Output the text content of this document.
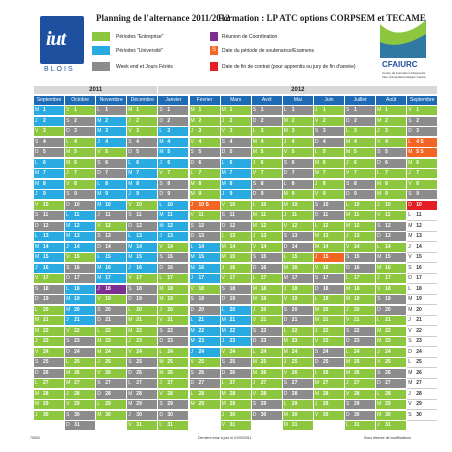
iut
BLOIS
CFAIURC
Centre de Formation d'Apprentis Inter Universitaire Région Centre
Planning de l'alternance 2011/2012
Formation : LP ATC options CORPSEM et TECAME
Périodes "Entreprise"
Périodes "Université"
Week end et Jours Fériés
Réunion de Coordination
S	Date du période de soutenance/Examens
Date de fin de contrat (pour apprentis ou jury de fin d'année)
2011	2012
Septembre
M 1
J 2
V 3
S 4
D 5
L 6
M 7
M 8
J 9
V 10
S 11
D 12
L 13
M 14
M 15
J 16
V 17
S 18
D 19
L 20
M 21
M 22
J 23
V 24
S 25
D 26
L 27
M 28
M 29
J 30
Octobre
V 1
S 2
D 3
L 4
M 5
M 6
J 7
V 8
S 9
D 10
L 11
M 12
M 13
J 14
V 15
S 16
D 17
L 18
M 19
M 20
J 21
V 22
S 23
D 24
L 25
M 26
M 27
J 28
V 29
S 30
D 31
Novembre
L 1
M 2
M 3
J 4
V 5
S 6
D 7
L 8
M 9
M 10
J 11
V 12
S 13
D 14
L 15
M 16
M 17
J 18
V 19
S 20
D 21
L 22
M 23
M 24
J 25
V 26
S 27
D 28
L 29
M 30
Décembre
M 1
J 2
V 3
S 4
D 5
L 6
M 7
M 8
J 9
V 10
S 11
D 12
L 13
M 14
M 15
J 16
V 17
S 18
D 19
L 20
M 21
M 22
J 23
V 24
S 25
D 26
L 27
M 28
M 29
J 30
V 31
Janvier
S 1
D 2
L 3
M 4
M 5
J 6
V 7
S 8
D 9
L 10
M 11
M 12
J 13
V 14
S 15
D 16
L 17
M 18
M 19
J 20
V 21
S 22
D 23
L 24
M 25
M 26
J 27
V 28
S 29
D 30
L 31
Février
M 1
M 2
J 3
V 4
S 5
D 6
L 7
M 8
M 9
J 10 S
V 11
S 12
D 13
L 14
M 15
M 16
J 17
V 18
S 19
D 20
L 21
M 22
M 23
J 24
V 25
S 26
D 27
L 28
M 29
Mars
M 1
J 2
V 3
S 4
D 5
L 6
M 7
M 8
J 9
V 10
S 11
D 12
L 13
M 14
M 15
J 16
V 17
S 18
D 19
L 20
M 21
M 22
J 23
V 24
S 25
D 26
L 27
M 28
M 29
J 30
V 31
Avril
S 1
D 2
L 3
M 4
M 5
J 6
V 7
S 8
D 9
L 10
M 11
M 12
J 13
V 14
S 15
D 16
L 17
M 18
M 19
J 20
V 21
S 22
D 23
L 24
M 25
M 26
J 27
V 28
S 29
D 30
Mai
L 1
M 2
M 3
J 4
V 5
S 6
D 7
L 8
M 9
M 10
J 11
V 12
S 13
D 14
L 15
M 16
M 17
J 18
V 19
S 20
D 21
L 22
M 23
M 24
J 25
V 26
S 27
D 28
L 29
M 30
M 31
Juin
J 1
V 2
S 3
D 4
L 5
M 6
M 7
J 8
V 9
S 10
D 11
L 12
M 13
M 14
J 15
V 16
S 17
D 18
L 19
M 20
M 21
J 22
V 23
S 24
D 25
L 26
M 27
M 28
J 29
V 30
Juillet
S 1
D 2
L 3
M 4
M 5
J 6
V 7
S 8
D 9
L 10
M 11
M 12
J 13
V 14
S 15
D 16
L 17
M 18
M 19
J 20
V 21
S 22
D 23
L 24
M 25
M 26
J 27
V 28
S 29
D 30
L 31
Août
M 1
M 2
J 3
V 4
S 5
D 6
L 7
M 8
M 9
J 10
V 11
S 12
D 13
L 14
M 15
M 16
J 17
V 18
S 19
D 20
L 21
M 22
M 23
J 24
V 25
S 26
D 27
L 28
M 29
M 30
J 31
Septembre
V 1
S 2
D 3
L 4 S
M 5 S
M 6
J 7
V 8
S 9
D 10
L 11
M 12
M 13
J 14
V 15
S 16
D 17
L 18
M 19
M 20
J 21
V 22
S 23
D 24
L 25
M 26
M 27
J 28
V 29
S 30
70503	Dernière mise à jour le 01/09/2011	Sous réserve de modifications
